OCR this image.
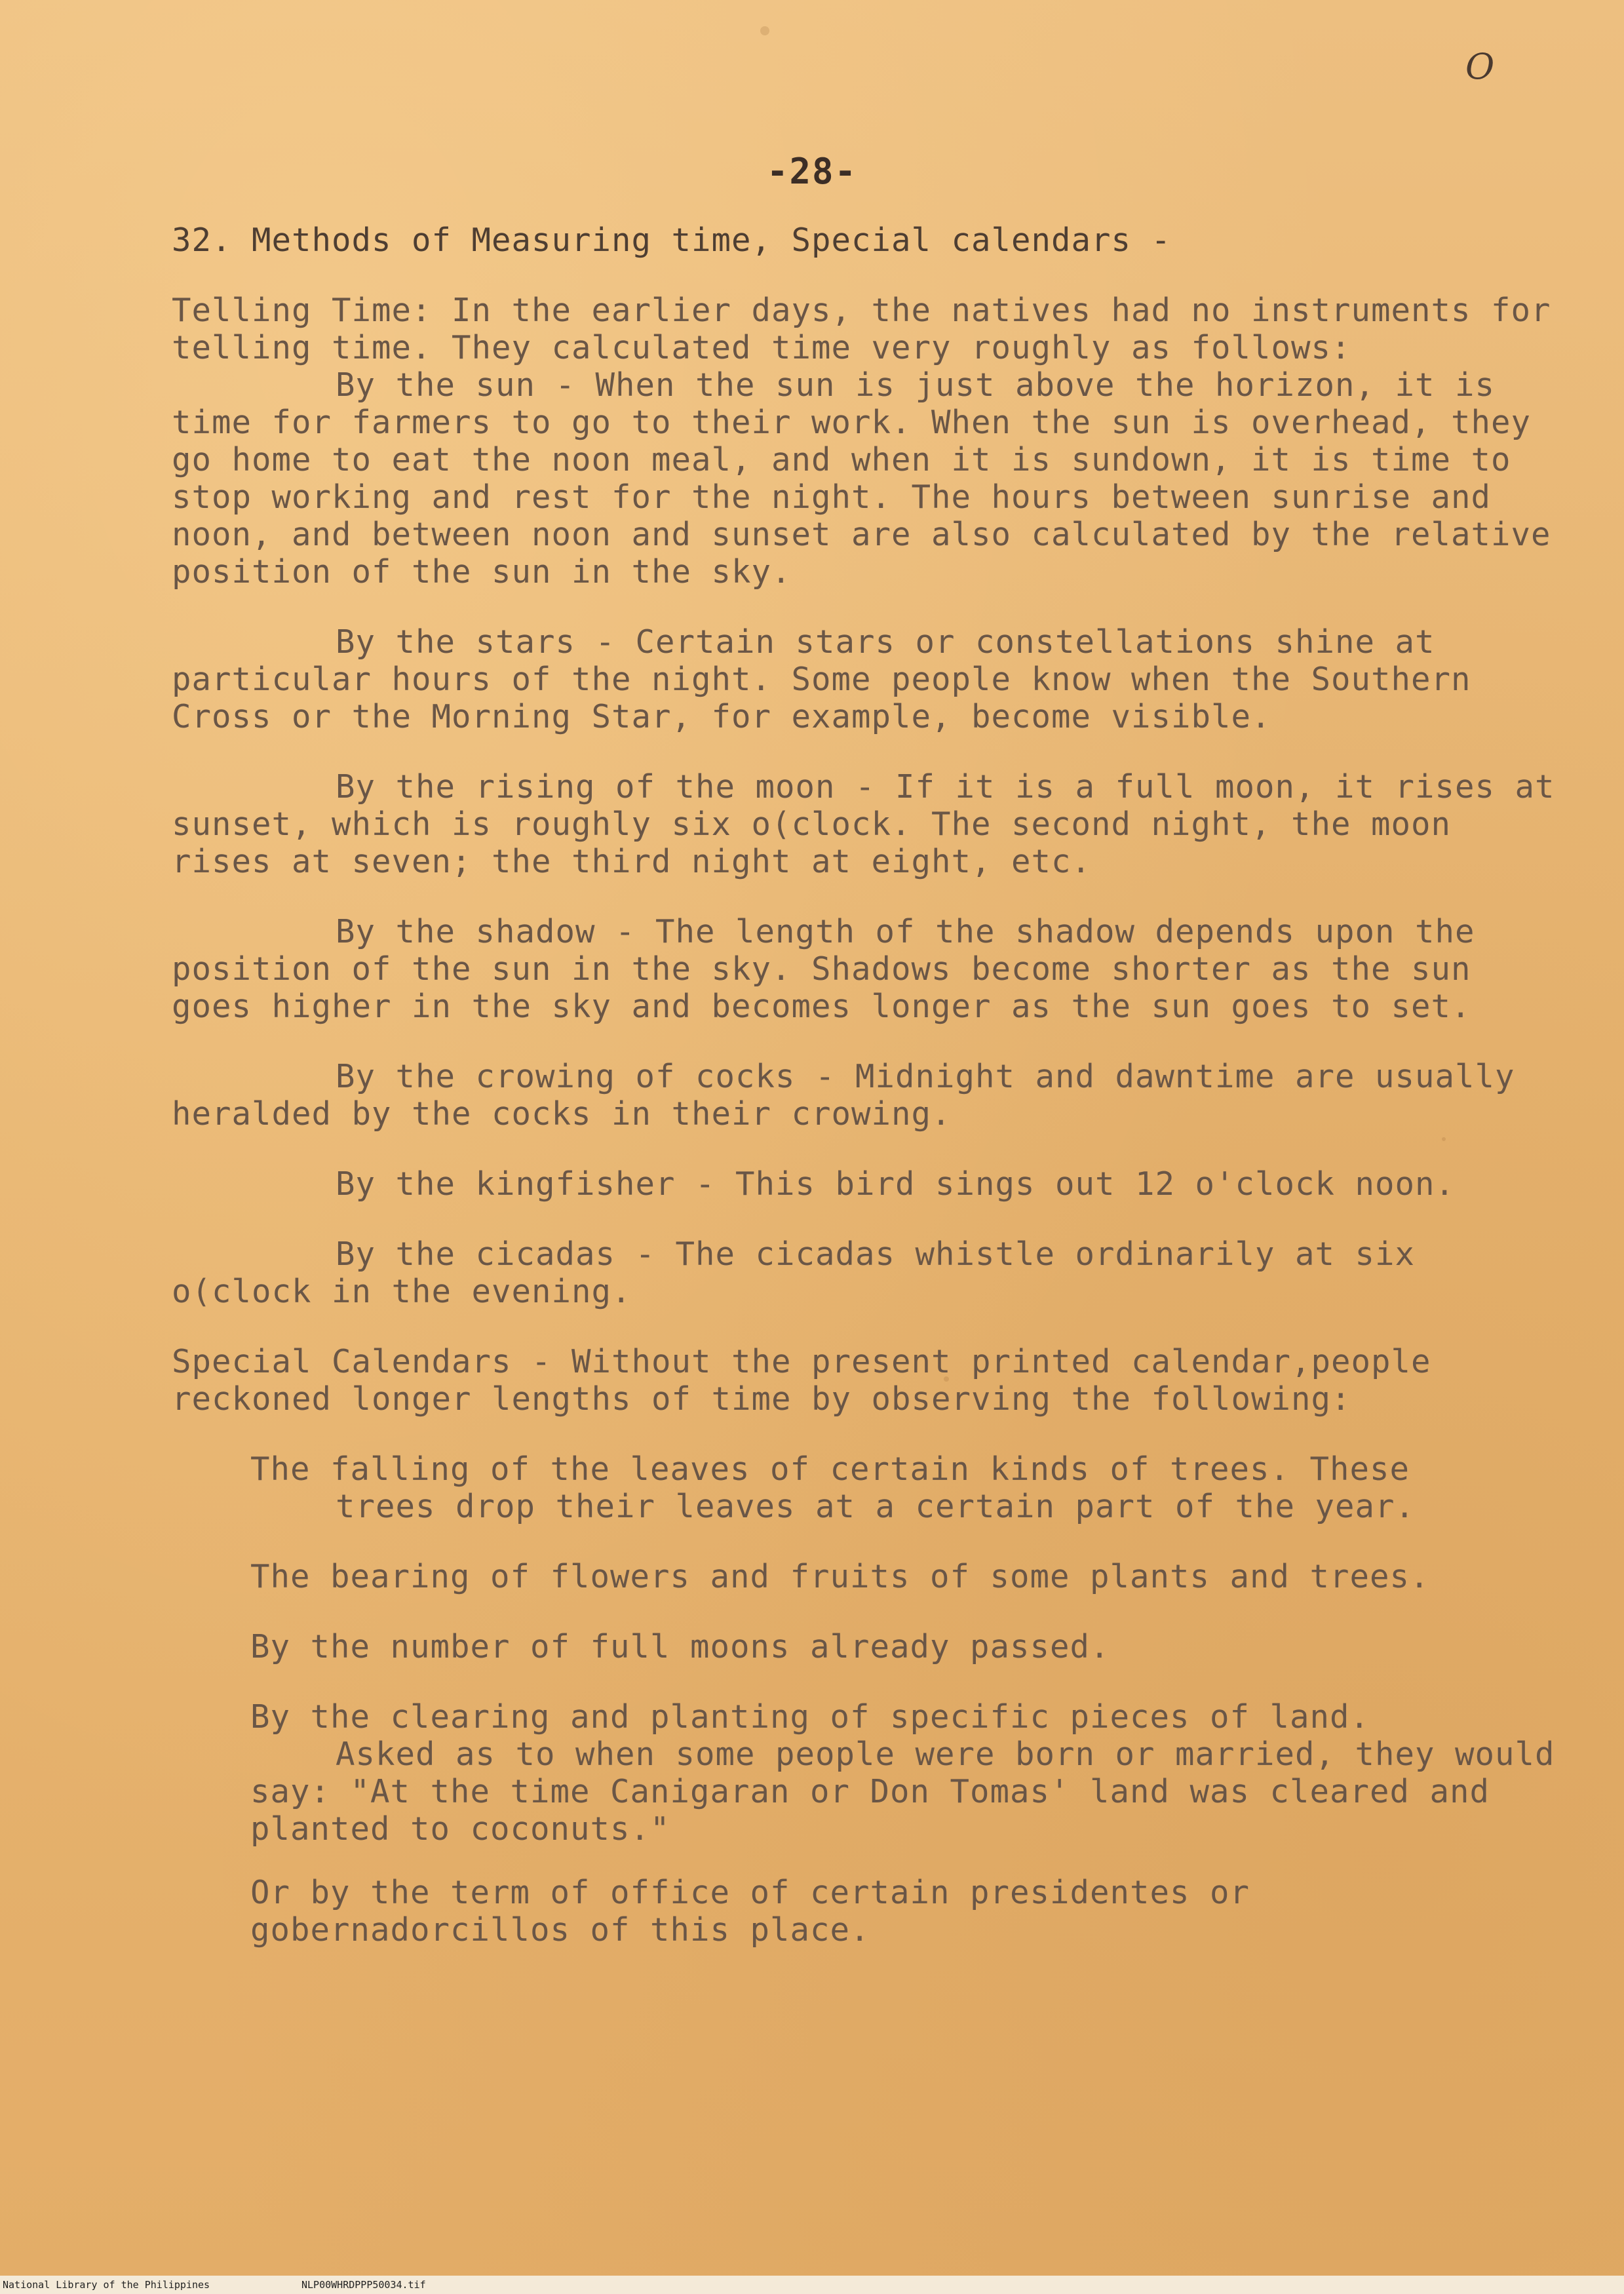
O
-28-

32. Methods of Measuring time, Special calendars -

Telling Time: In the earlier days, the natives had no instruments for telling time. They calculated time very roughly as follows:

By the sun - When the sun is just above the horizon, it is time for farmers to go to their work. When the sun is overhead, they go home to eat the noon meal, and when it is sundown, it is time to stop working and rest for the night. The hours between sunrise and noon, and between noon and sunset are also calculated by the relative position of the sun in the sky.

By the stars - Certain stars or constellations shine at particular hours of the night. Some people know when the Southern Cross or the Morning Star, for example, become visible.

By the rising of the moon - If it is a full moon, it rises at sunset, which is roughly six o(clock. The second night, the moon rises at seven; the third night at eight, etc.

By the shadow - The length of the shadow depends upon the position of the sun in the sky. Shadows become shorter as the sun goes higher in the sky and becomes longer as the sun goes to set.

By the crowing of cocks - Midnight and dawntime are usually heralded by the cocks in their crowing.

By the kingfisher - This bird sings out 12 o'clock noon.

By the cicadas - The cicadas whistle ordinarily at six o(clock in the evening.

Special Calendars - Without the present printed calendar,people reckoned longer lengths of time by observing the following:

The falling of the leaves of certain kinds of trees. These
trees drop their leaves at a certain part of the year.
The bearing of flowers and fruits of some plants and trees.
By the number of full moons already passed.
By the clearing and planting of specific pieces of land.
Asked as to when some people were born or married, they would say: "At the time Canigaran or Don Tomas' land was cleared and planted to coconuts."
Or by the term of office of certain presidentes or gobernadorcillos of this place.
National Library of the Philippines	NLP00WHRDPPP50034.tif
